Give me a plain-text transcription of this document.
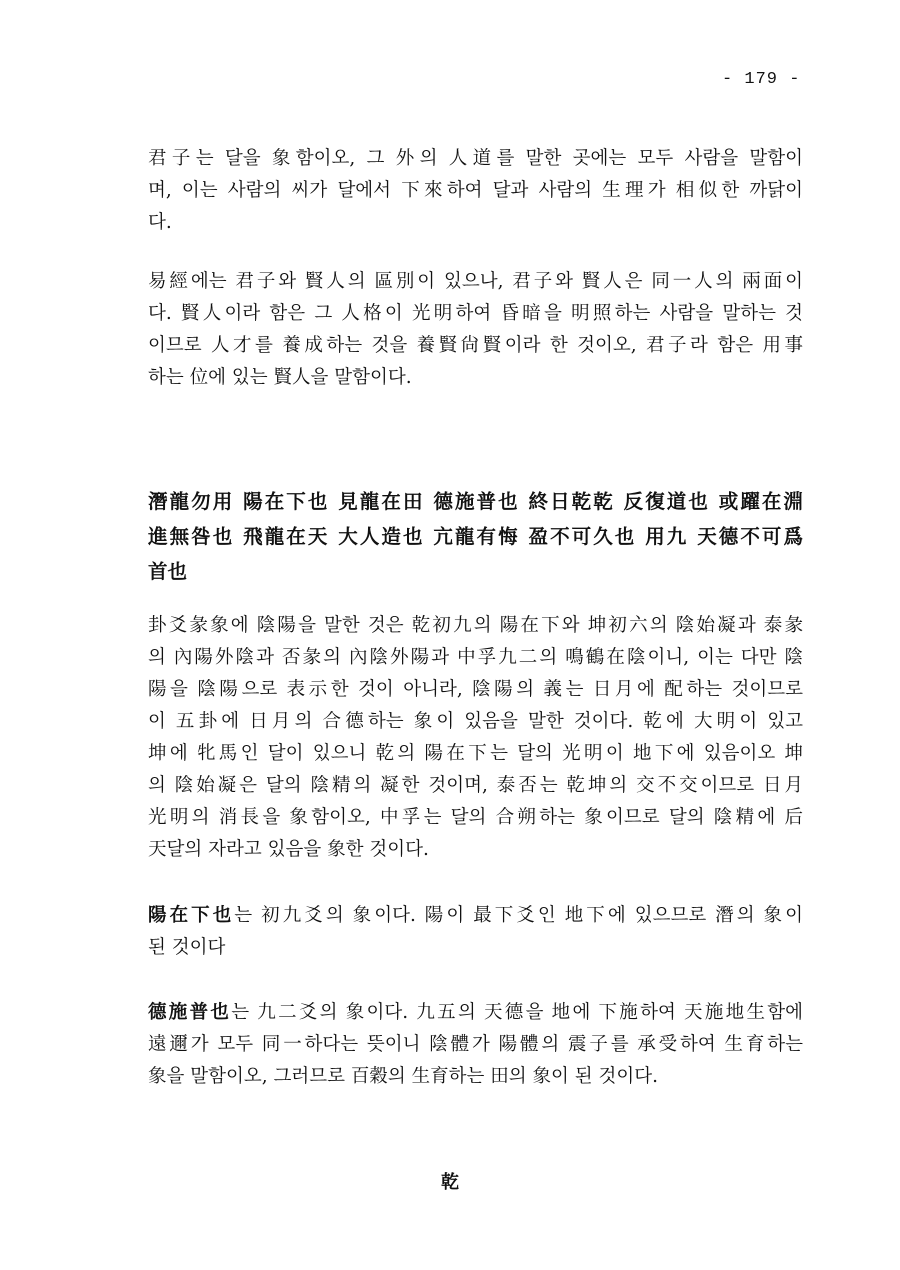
- 179 -
君子는 달을 象함이오, 그 外의 人道를 말한 곳에는 모두 사람을 말함이
며, 이는 사람의 씨가 달에서 下來하여 달과 사람의 生理가 相似한 까닭이
다.
易經에는 君子와 賢人의 區別이 있으나, 君子와 賢人은 同一人의 兩面이
다. 賢人이라 함은 그 人格이 光明하여 昏暗을 明照하는 사람을 말하는 것
이므로 人才를 養成하는 것을 養賢尙賢이라 한 것이오, 君子라 함은 用事
하는 位에 있는 賢人을 말함이다.
潛龍勿用 陽在下也 見龍在田 德施普也 終日乾乾 反復道也 或躍在淵
進無咎也 飛龍在天 大人造也 亢龍有悔 盈不可久也 用九 天德不可爲
首也
卦爻彖象에 陰陽을 말한 것은 乾初九의 陽在下와 坤初六의 陰始凝과 泰彖
의 內陽外陰과 否彖의 內陰外陽과 中孚九二의 鳴鶴在陰이니, 이는 다만 陰
陽을 陰陽으로 表示한 것이 아니라, 陰陽의 義는 日月에 配하는 것이므로
이 五卦에 日月의 合德하는 象이 있음을 말한 것이다. 乾에 大明이 있고
坤에 牝馬인 달이 있으니 乾의 陽在下는 달의 光明이 地下에 있음이오 坤
의 陰始凝은 달의 陰精의 凝한 것이며, 泰否는 乾坤의 交不交이므로 日月
光明의 消長을 象함이오, 中孚는 달의 合朔하는 象이므로 달의 陰精에 后
天달의 자라고 있음을 象한 것이다.
陽在下也는 初九爻의 象이다. 陽이 最下爻인 地下에 있으므로 潛의 象이
된 것이다
德施普也는 九二爻의 象이다. 九五의 天德을 地에 下施하여 天施地生함에
遠邇가 모두 同一하다는 뜻이니 陰體가 陽體의 震子를 承受하여 生育하는
象을 말함이오, 그러므로 百穀의 生育하는 田의 象이 된 것이다.
乾
